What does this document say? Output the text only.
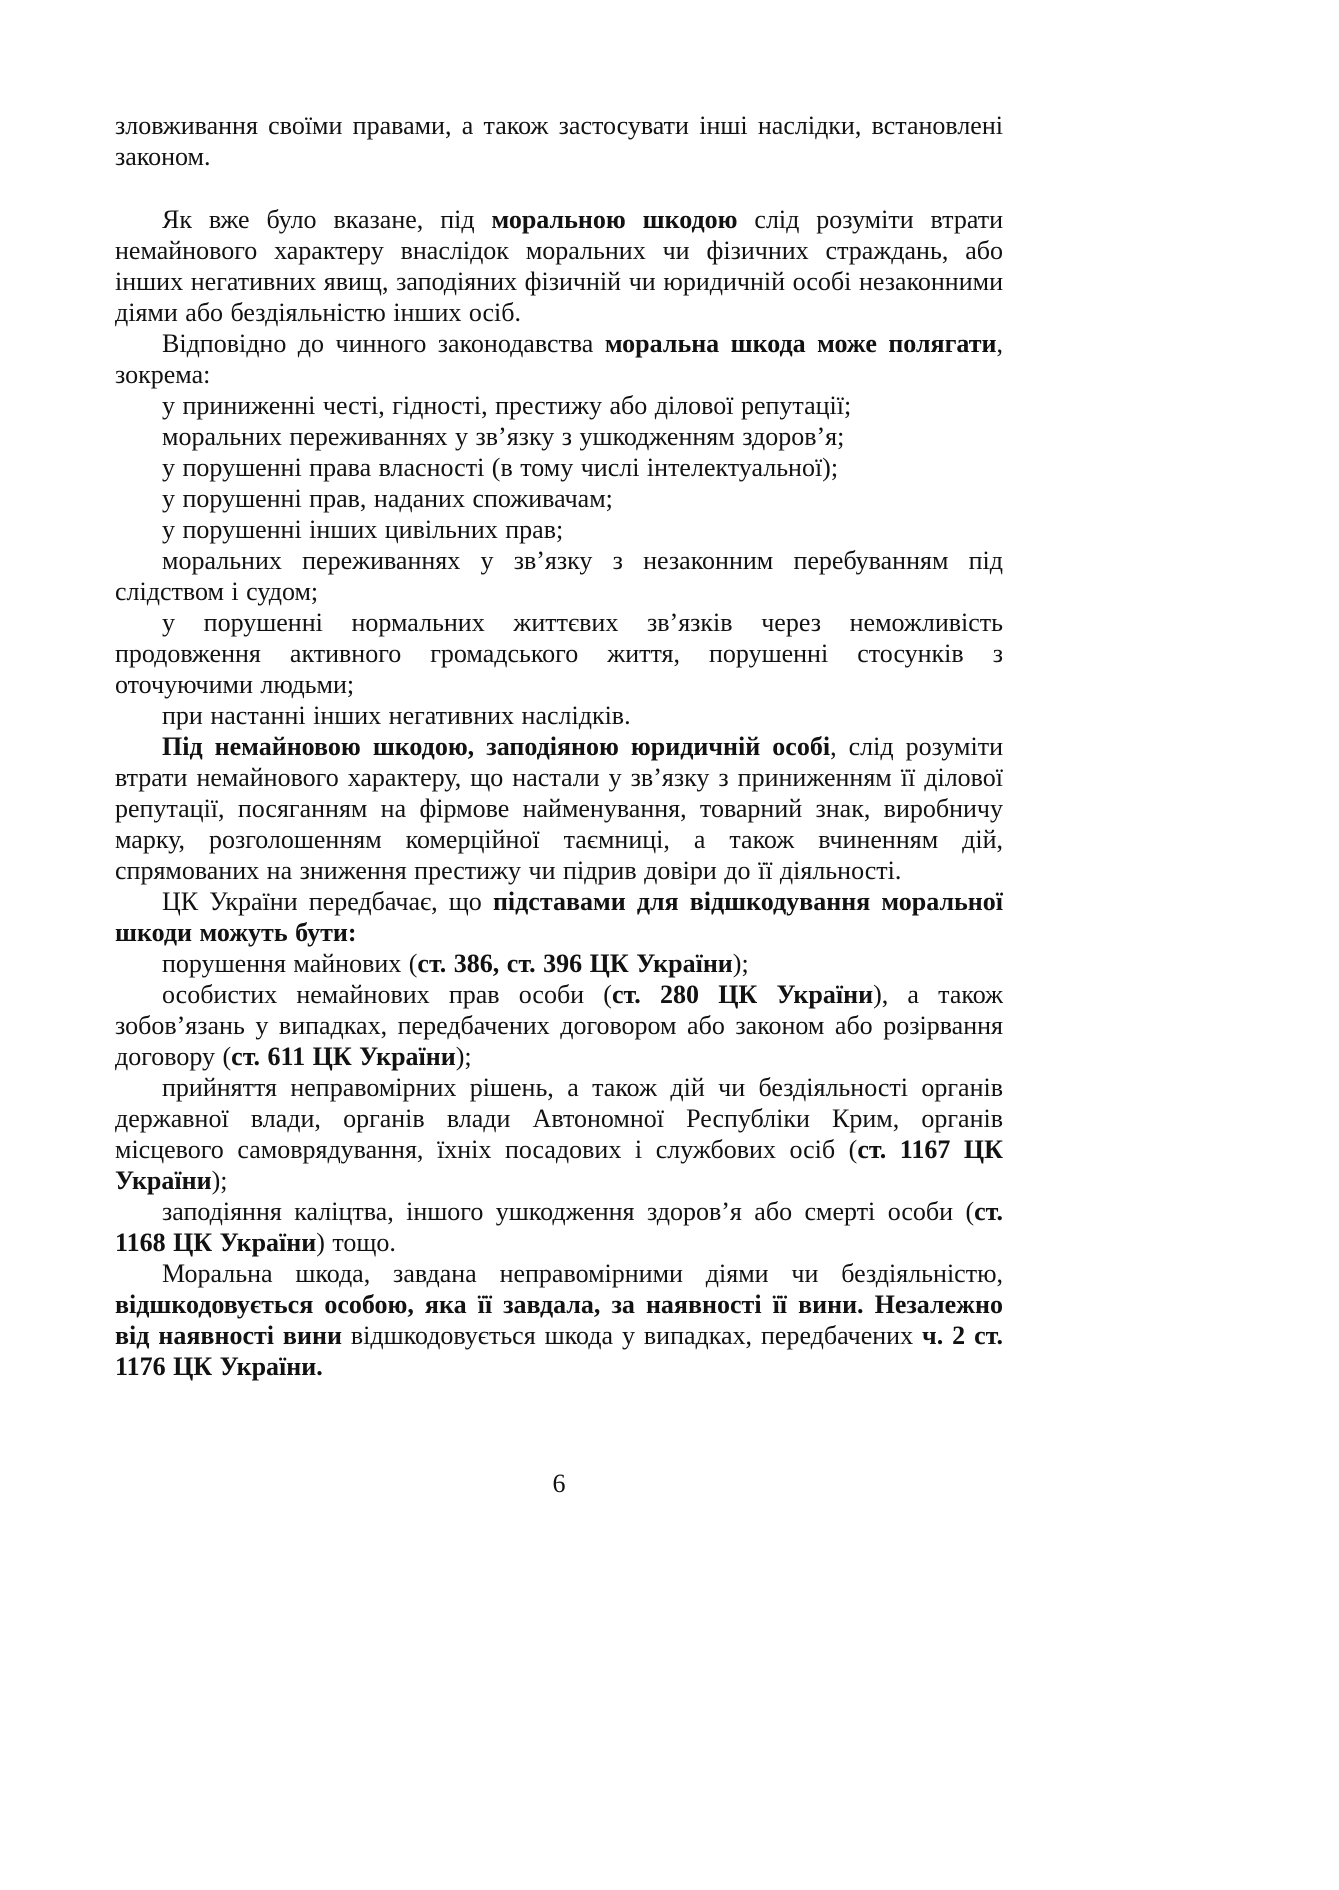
зловживання своїми правами, а також застосувати інші наслідки, встановлені законом.

Як вже було вказане, під моральною шкодою слід розуміти втрати немайнового характеру внаслідок моральних чи фізичних страждань, або інших негативних явищ, заподіяних фізичній чи юридичній особі незаконними діями або бездіяльністю інших осіб.

Відповідно до чинного законодавства моральна шкода може полягати, зокрема:

у приниженні честі, гідності, престижу або ділової репутації;

моральних переживаннях у зв’язку з ушкодженням здоров’я;

у порушенні права власності (в тому числі інтелектуальної);

у порушенні прав, наданих споживачам;

у порушенні інших цивільних прав;

моральних переживаннях у зв’язку з незаконним перебуванням під слідством і судом;

у порушенні нормальних життєвих зв’язків через неможливість продовження активного громадського життя, порушенні стосунків з оточуючими людьми;

при настанні інших негативних наслідків.

Під немайновою шкодою, заподіяною юридичній особі, слід розуміти втрати немайнового характеру, що настали у зв’язку з приниженням її ділової репутації, посяганням на фірмове найменування, товарний знак, виробничу марку, розголошенням комерційної таємниці, а також вчиненням дій, спрямованих на зниження престижу чи підрив довіри до її діяльності.

ЦК України передбачає, що підставами для відшкодування моральної шкоди можуть бути:

порушення майнових (ст. 386, ст. 396 ЦК України);

особистих немайнових прав особи (ст. 280 ЦК України), а також зобов’язань у випадках, передбачених договором або законом або розірвання договору (ст. 611 ЦК України);

прийняття неправомірних рішень, а також дій чи бездіяльності органів державної влади, органів влади Автономної Республіки Крим, органів місцевого самоврядування, їхніх посадових і службових осіб (ст. 1167 ЦК України);

заподіяння каліцтва, іншого ушкодження здоров’я або смерті особи (ст. 1168 ЦК України) тощо.

Моральна шкода, завдана неправомірними діями чи бездіяльністю, відшкодовується особою, яка її завдала, за наявності її вини. Незалежно від наявності вини відшкодовується шкода у випадках, передбачених ч. 2 ст. 1176 ЦК України.

6
